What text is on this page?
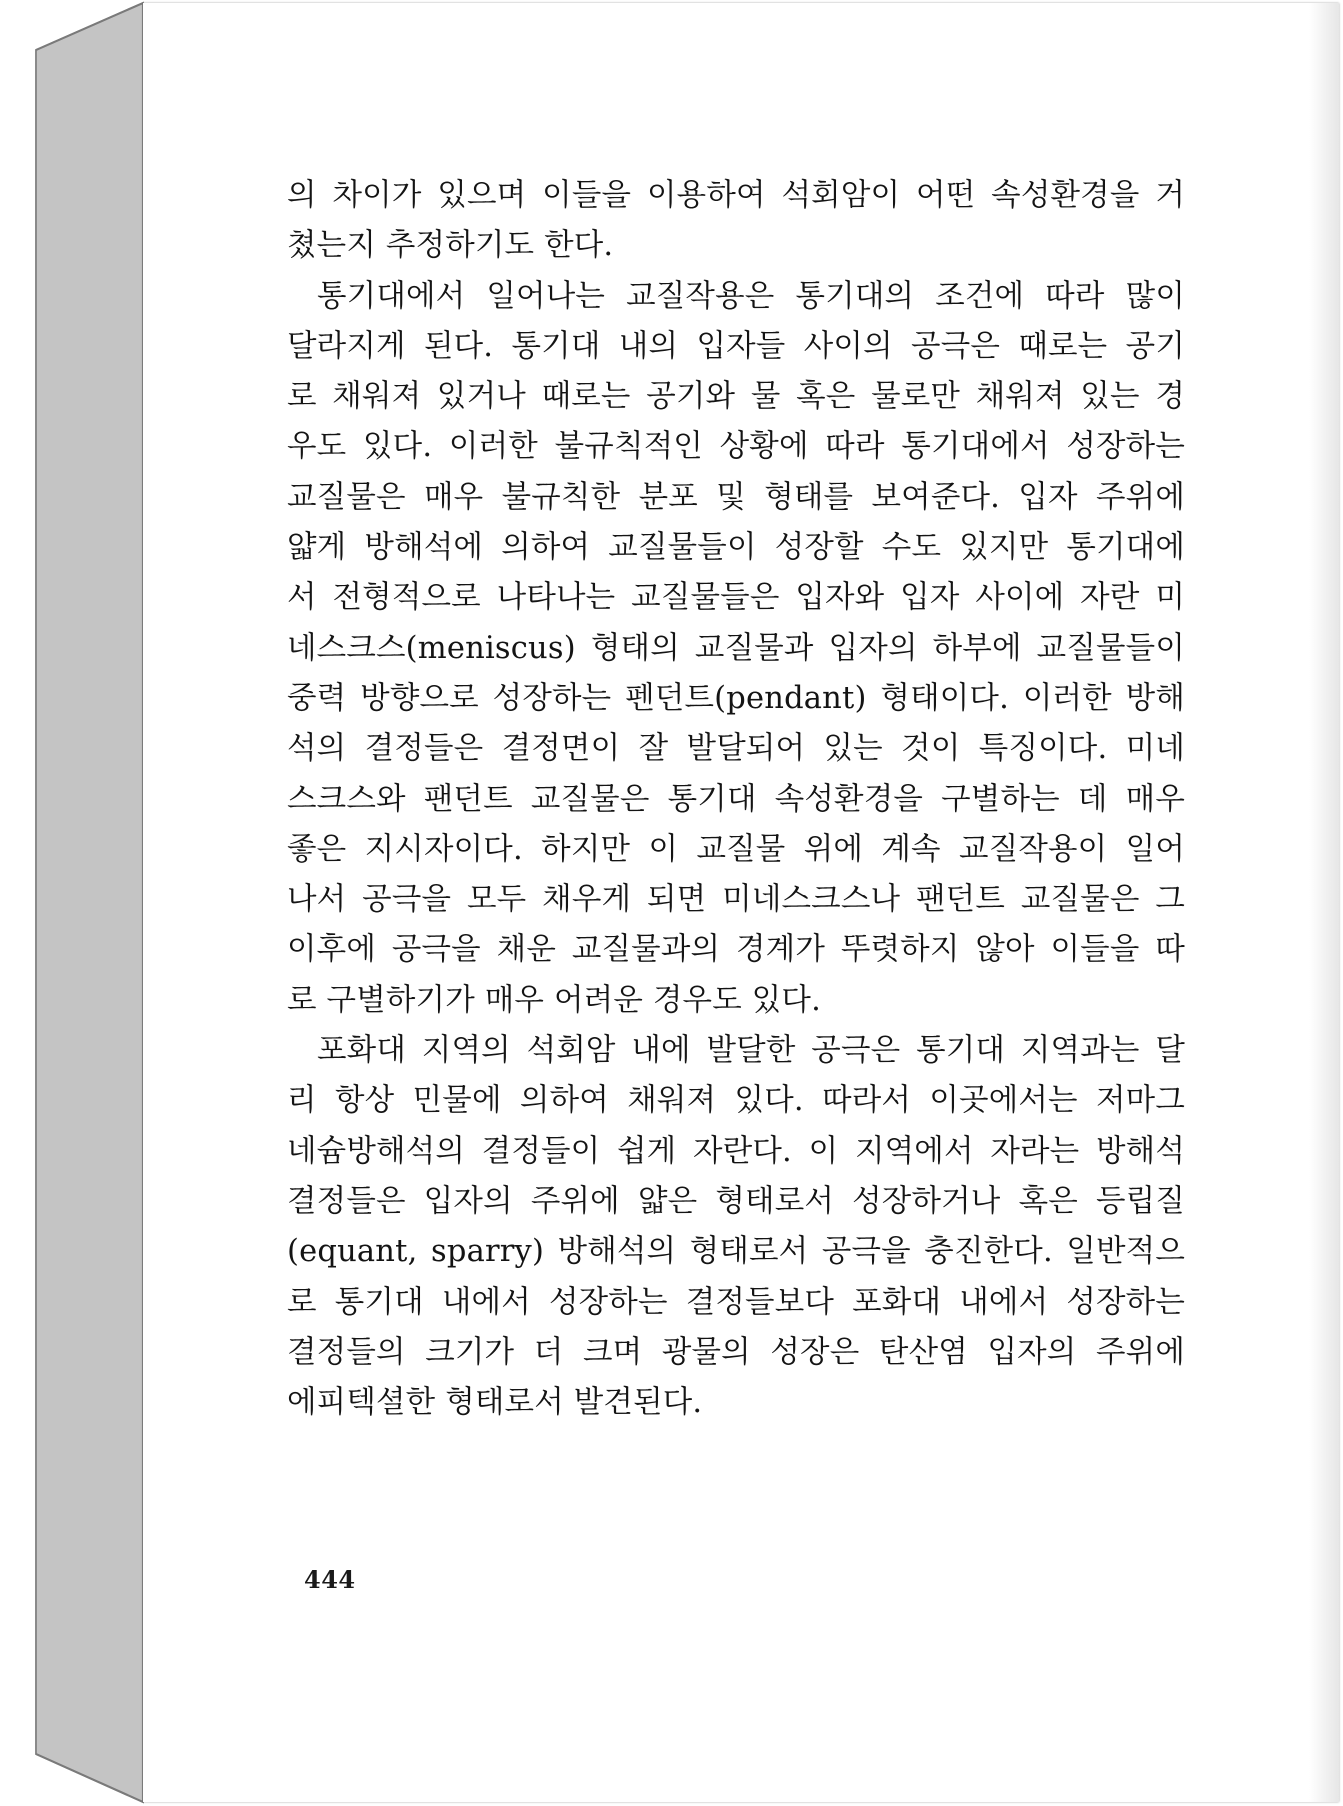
의 차이가 있으며 이들을 이용하여 석회암이 어떤 속성환경을 거
쳤는지 추정하기도 한다.
통기대에서 일어나는 교질작용은 통기대의 조건에 따라 많이
달라지게 된다. 통기대 내의 입자들 사이의 공극은 때로는 공기
로 채워져 있거나 때로는 공기와 물 혹은 물로만 채워져 있는 경
우도 있다. 이러한 불규칙적인 상황에 따라 통기대에서 성장하는
교질물은 매우 불규칙한 분포 및 형태를 보여준다. 입자 주위에
얇게 방해석에 의하여 교질물들이 성장할 수도 있지만 통기대에
서 전형적으로 나타나는 교질물들은 입자와 입자 사이에 자란 미
네스크스(meniscus) 형태의 교질물과 입자의 하부에 교질물들이
중력 방향으로 성장하는 펜던트(pendant) 형태이다. 이러한 방해
석의 결정들은 결정면이 잘 발달되어 있는 것이 특징이다. 미네
스크스와 팬던트 교질물은 통기대 속성환경을 구별하는 데 매우
좋은 지시자이다. 하지만 이 교질물 위에 계속 교질작용이 일어
나서 공극을 모두 채우게 되면 미네스크스나 팬던트 교질물은 그
이후에 공극을 채운 교질물과의 경계가 뚜렷하지 않아 이들을 따
로 구별하기가 매우 어려운 경우도 있다.
포화대 지역의 석회암 내에 발달한 공극은 통기대 지역과는 달
리 항상 민물에 의하여 채워져 있다. 따라서 이곳에서는 저마그
네슘방해석의 결정들이 쉽게 자란다. 이 지역에서 자라는 방해석
결정들은 입자의 주위에 얇은 형태로서 성장하거나 혹은 등립질
(equant, sparry) 방해석의 형태로서 공극을 충진한다. 일반적으
로 통기대 내에서 성장하는 결정들보다 포화대 내에서 성장하는
결정들의 크기가 더 크며 광물의 성장은 탄산염 입자의 주위에
에피텍셜한 형태로서 발견된다.
444
